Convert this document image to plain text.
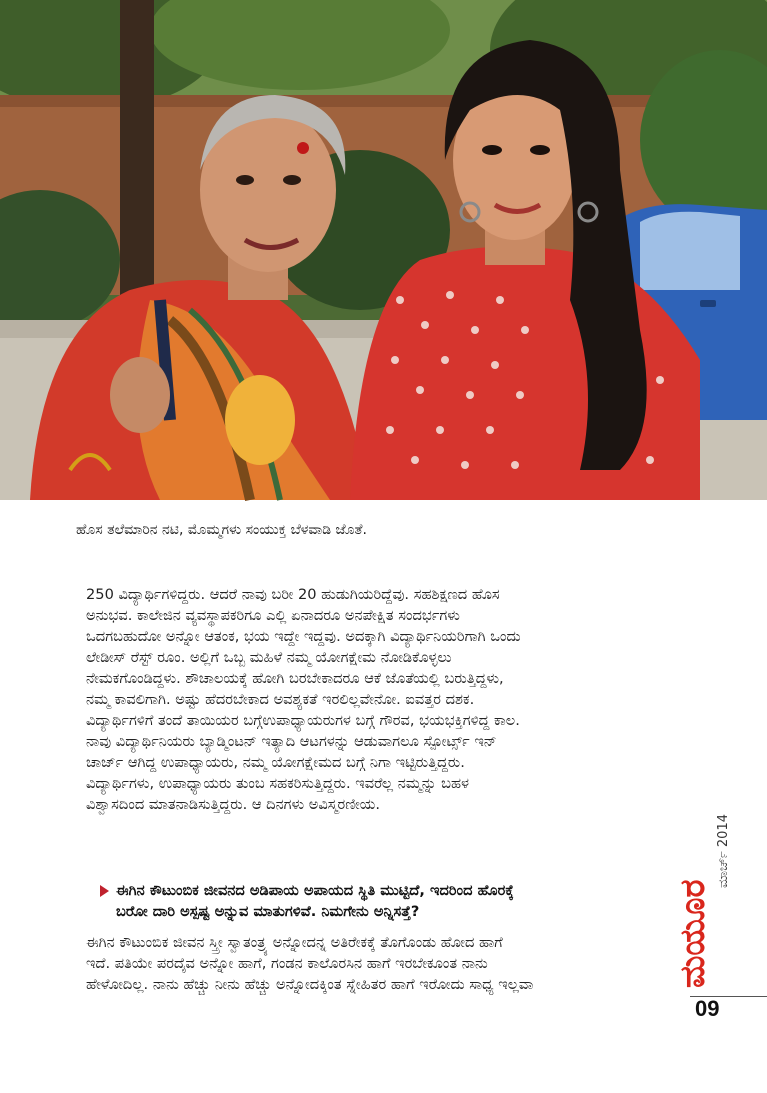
ಹೊಸ ತಲೆಮಾರಿನ ನಟಿ, ಮೊಮ್ಮಗಳು ಸಂಯುಕ್ತ ಬೆಳವಾಡಿ ಜೊತೆ.
250 ವಿದ್ಯಾರ್ಥಿಗಳಿದ್ದರು. ಆದರೆ ನಾವು ಬರೀ 20 ಹುಡುಗಿಯರಿದ್ದೆವು. ಸಹಶಿಕ್ಷಣದ ಹೊಸ
ಅನುಭವ. ಕಾಲೇಜಿನ ವ್ಯವಸ್ಥಾಪಕರಿಗೂ ಎಲ್ಲಿ ಏನಾದರೂ ಅನಪೇಕ್ಷಿತ ಸಂದರ್ಭಗಳು
ಒದಗಬಹುದೋ ಅನ್ನೋ ಆತಂಕ, ಭಯ ಇದ್ದೇ ಇದ್ದವು. ಅದಕ್ಕಾಗಿ ವಿದ್ಯಾರ್ಥಿನಿಯರಿಗಾಗಿ ಒಂದು
ಲೇಡೀಸ್ ರೆಸ್ಟ್ ರೂಂ. ಅಲ್ಲಿಗೆ ಒಬ್ಬ ಮಹಿಳೆ ನಮ್ಮ ಯೋಗಕ್ಷೇಮ ನೋಡಿಕೊಳ್ಳಲು
ನೇಮಕಗೊಂಡಿದ್ದಳು. ಶೌಚಾಲಯಕ್ಕೆ ಹೋಗಿ ಬರಬೇಕಾದರೂ ಆಕೆ ಜೊತೆಯಲ್ಲಿ ಬರುತ್ತಿದ್ದಳು,
ನಮ್ಮ ಕಾವಲಿಗಾಗಿ. ಅಷ್ಟು ಹೆದರಬೇಕಾದ ಅವಶ್ಯಕತೆ ಇರಲಿಲ್ಲವೇನೋ. ಐವತ್ತರ ದಶಕ.
ವಿದ್ಯಾರ್ಥಿಗಳಿಗೆ ತಂದೆ ತಾಯಿಯರ ಬಗ್ಗೆಉಪಾಧ್ಯಾಯರುಗಳ ಬಗ್ಗೆ ಗೌರವ, ಭಯಭಕ್ತಿಗಳಿದ್ದ ಕಾಲ.
ನಾವು ವಿದ್ಯಾರ್ಥಿನಿಯರು ಬ್ಯಾಡ್ಮಿಂಟನ್ ಇತ್ಯಾದಿ ಆಟಗಳನ್ನು ಆಡುವಾಗಲೂ ಸ್ಪೋರ್ಟ್ಸ್ ಇನ್
ಚಾರ್ಜ್ ಆಗಿದ್ದ ಉಪಾಧ್ಯಾಯರು, ನಮ್ಮ ಯೋಗಕ್ಷೇಮದ ಬಗ್ಗೆ ನಿಗಾ ಇಟ್ಟಿರುತ್ತಿದ್ದರು.
ವಿದ್ಯಾರ್ಥಿಗಳು, ಉಪಾಧ್ಯಾಯರು ತುಂಬ ಸಹಕರಿಸುತ್ತಿದ್ದರು. ಇವರೆಲ್ಲ ನಮ್ಮನ್ನು ಬಹಳ
ವಿಶ್ವಾಸದಿಂದ ಮಾತನಾಡಿಸುತ್ತಿದ್ದರು. ಆ ದಿನಗಳು ಅವಿಸ್ಮರಣೀಯ.
ಈಗಿನ ಕೌಟುಂಬಿಕ ಜೀವನದ ಅಡಿಪಾಯ ಅಪಾಯದ ಸ್ಥಿತಿ ಮುಟ್ಟಿದೆ, ಇದರಿಂದ ಹೊರಕ್ಕೆ
ಬರೋ ದಾರಿ ಅಸ್ಪಷ್ಟ ಅನ್ನುವ ಮಾತುಗಳಿವೆ. ನಿಮಗೇನು ಅನ್ನಿಸತ್ತೆ?
ಈಗಿನ ಕೌಟುಂಬಿಕ ಜೀವನ ಸ್ತ್ರೀ ಸ್ವಾತಂತ್ರ್ಯ ಅನ್ನೋದನ್ನ ಅತಿರೇಕಕ್ಕೆ ತೊಗೊಂಡು ಹೋದ ಹಾಗೆ
ಇದೆ. ಪತಿಯೇ ಪರದೈವ ಅನ್ನೋ ಹಾಗೆ, ಗಂಡನ ಕಾಲೊರಸಿನ ಹಾಗೆ ಇರಬೇಕೂಂತ ನಾನು
ಹೇಳೋದಿಲ್ಲ. ನಾನು ಹೆಚ್ಚು ನೀನು ಹೆಚ್ಚು ಅನ್ನೋದಕ್ಕಿಂತ ಸ್ನೇಹಿತರ ಹಾಗೆ ಇರೋದು ಸಾಧ್ಯ ಇಲ್ಲವಾ	ಮಯೂರ
ಮಾರ್ಚ್ 2014
09
